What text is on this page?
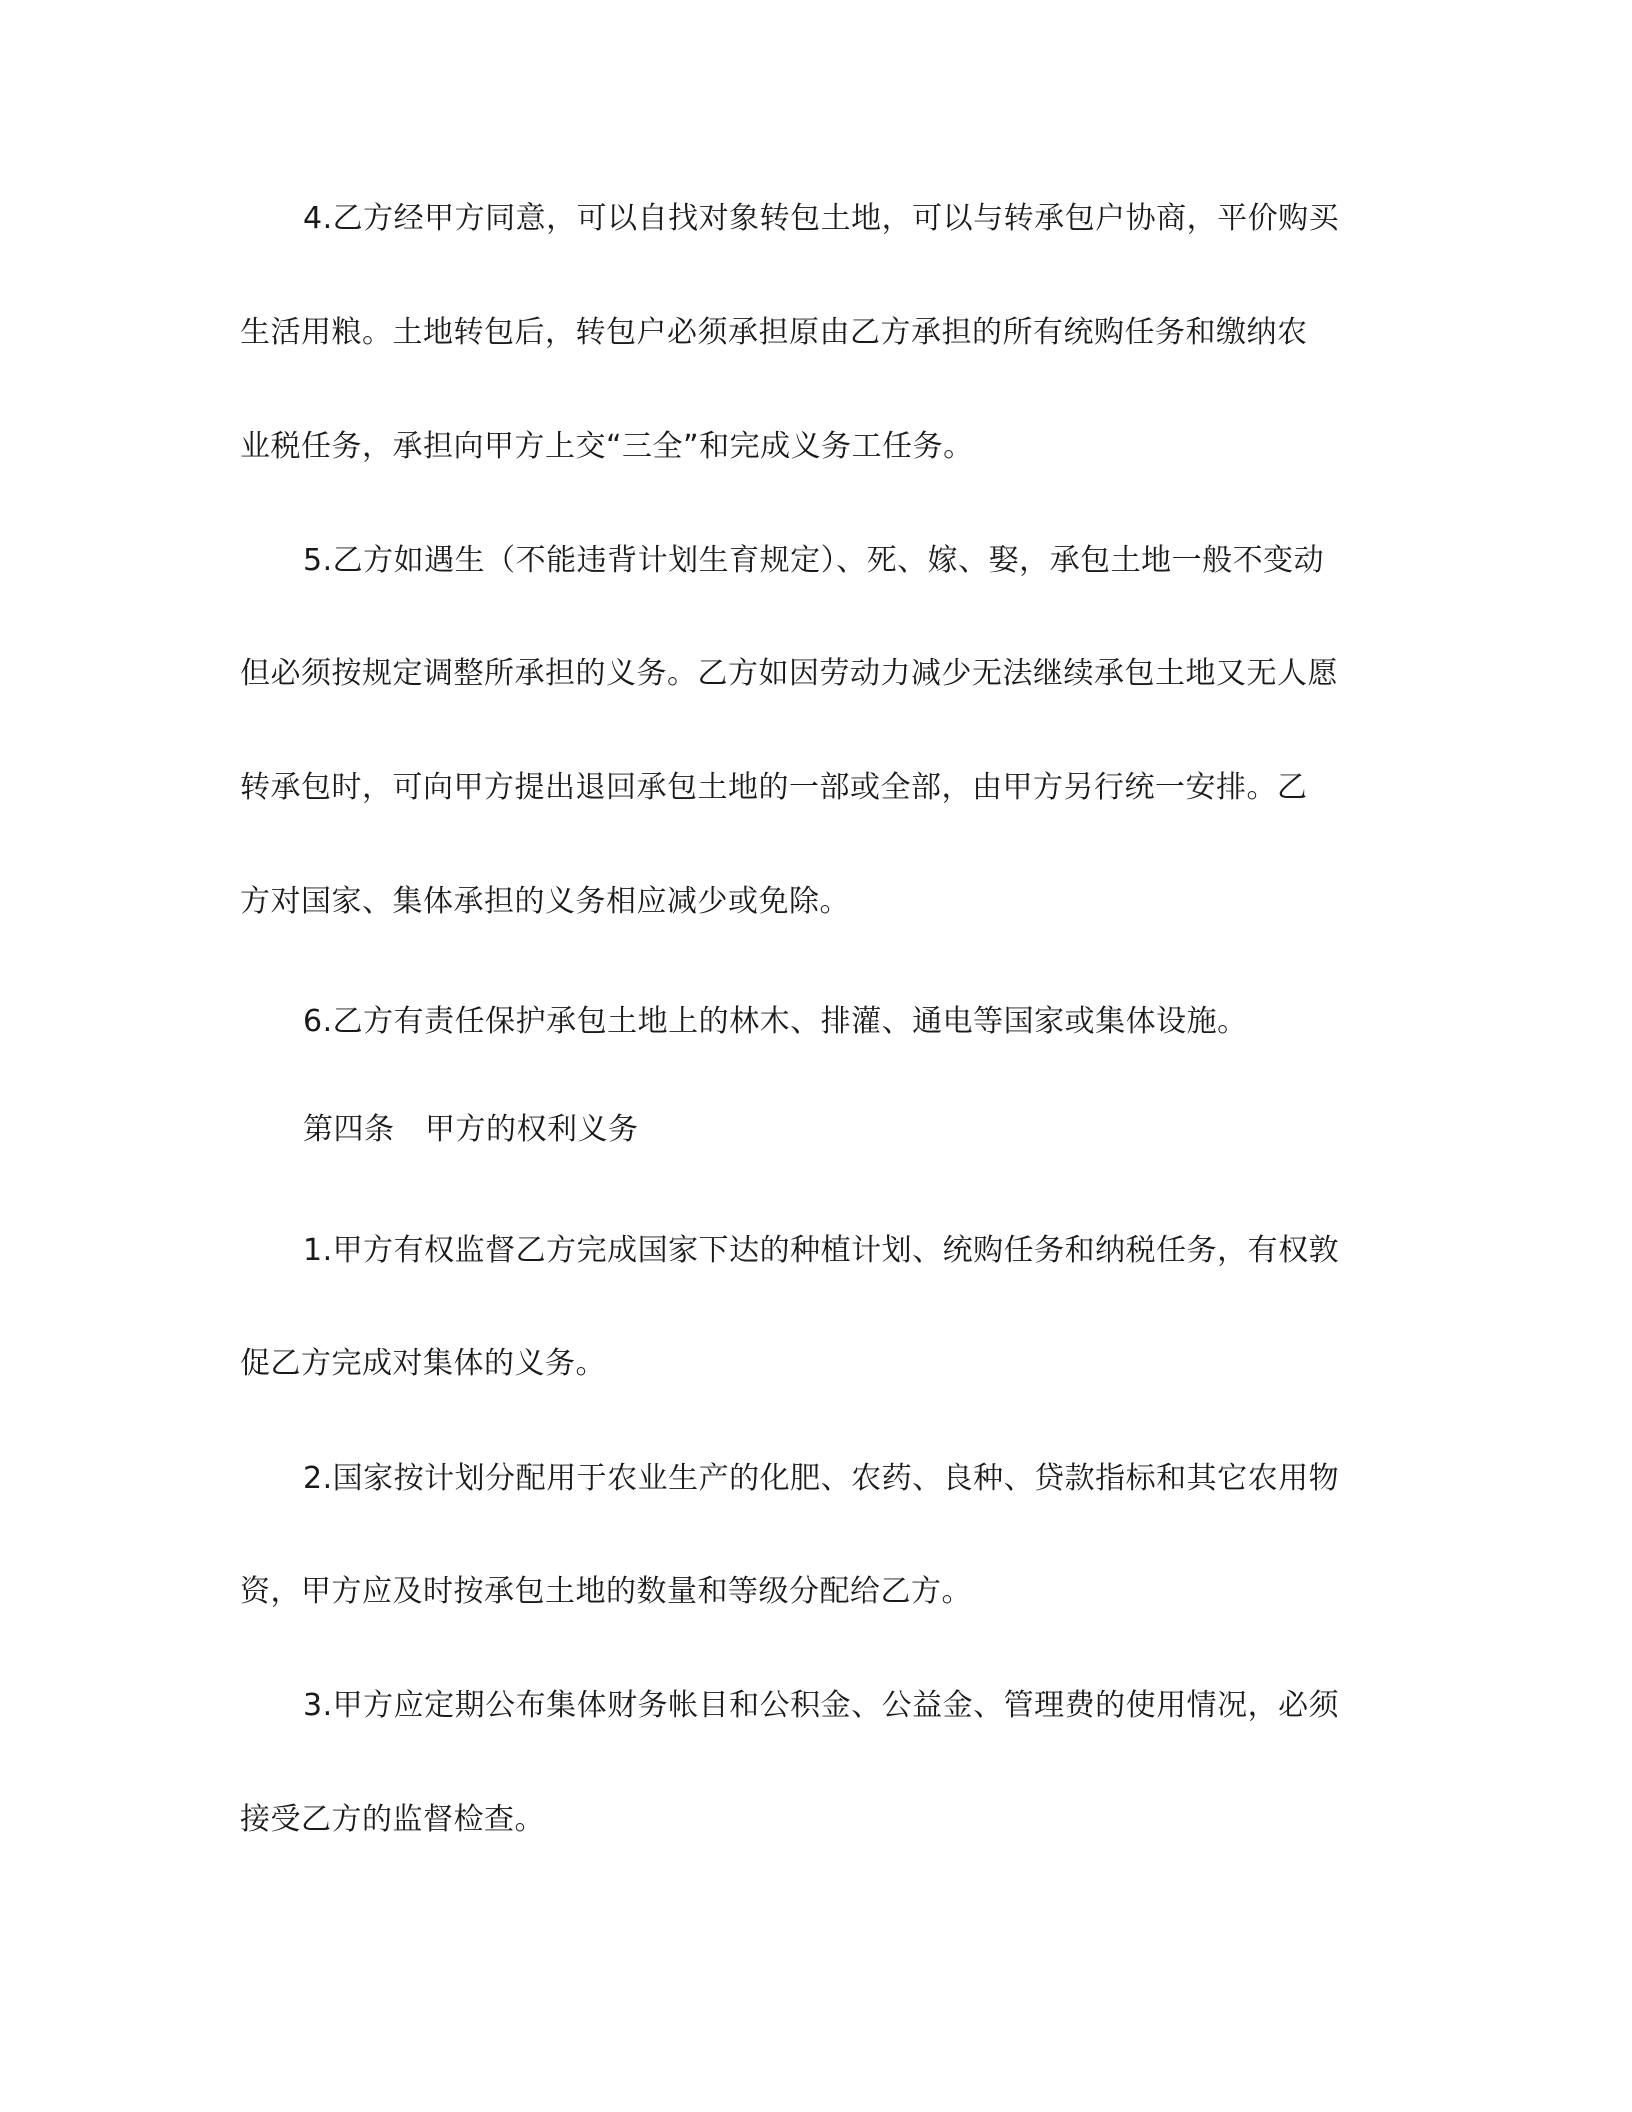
4.乙方经甲方同意，可以自找对象转包土地，可以与转承包户协商，平价购买
生活用粮。土地转包后，转包户必须承担原由乙方承担的所有统购任务和缴纳农
业税任务，承担向甲方上交“三全”和完成义务工任务。
5.乙方如遇生（不能违背计划生育规定）、死、嫁、娶，承包土地一般不变动
但必须按规定调整所承担的义务。乙方如因劳动力减少无法继续承包土地又无人愿
转承包时，可向甲方提出退回承包土地的一部或全部，由甲方另行统一安排。乙
方对国家、集体承担的义务相应减少或免除。
6.乙方有责任保护承包土地上的林木、排灌、通电等国家或集体设施。
第四条　甲方的权利义务
1.甲方有权监督乙方完成国家下达的种植计划、统购任务和纳税任务，有权敦
促乙方完成对集体的义务。
2.国家按计划分配用于农业生产的化肥、农药、良种、贷款指标和其它农用物
资，甲方应及时按承包土地的数量和等级分配给乙方。
3.甲方应定期公布集体财务帐目和公积金、公益金、管理费的使用情况，必须
接受乙方的监督检查。
